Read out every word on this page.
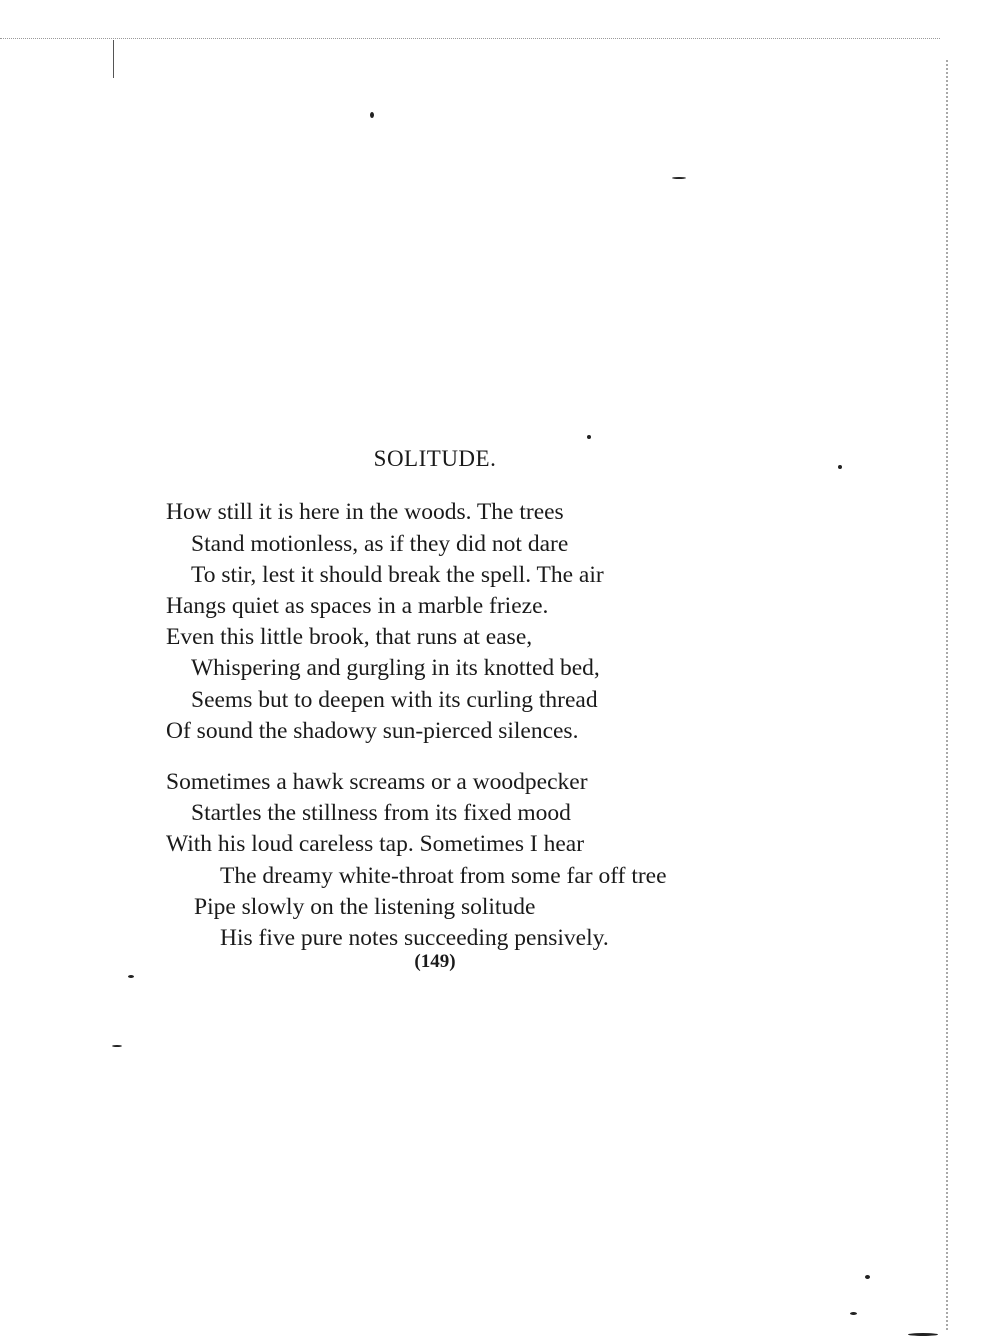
SOLITUDE.
How still it is here in the woods. The trees
Stand motionless, as if they did not dare
To stir, lest it should break the spell. The air
Hangs quiet as spaces in a marble frieze.
Even this little brook, that runs at ease,
Whispering and gurgling in its knotted bed,
Seems but to deepen with its curling thread
Of sound the shadowy sun-pierced silences.
Sometimes a hawk screams or a woodpecker
Startles the stillness from its fixed mood
With his loud careless tap. Sometimes I hear
The dreamy white-throat from some far off tree
Pipe slowly on the listening solitude
His five pure notes succeeding pensively.
(149)
